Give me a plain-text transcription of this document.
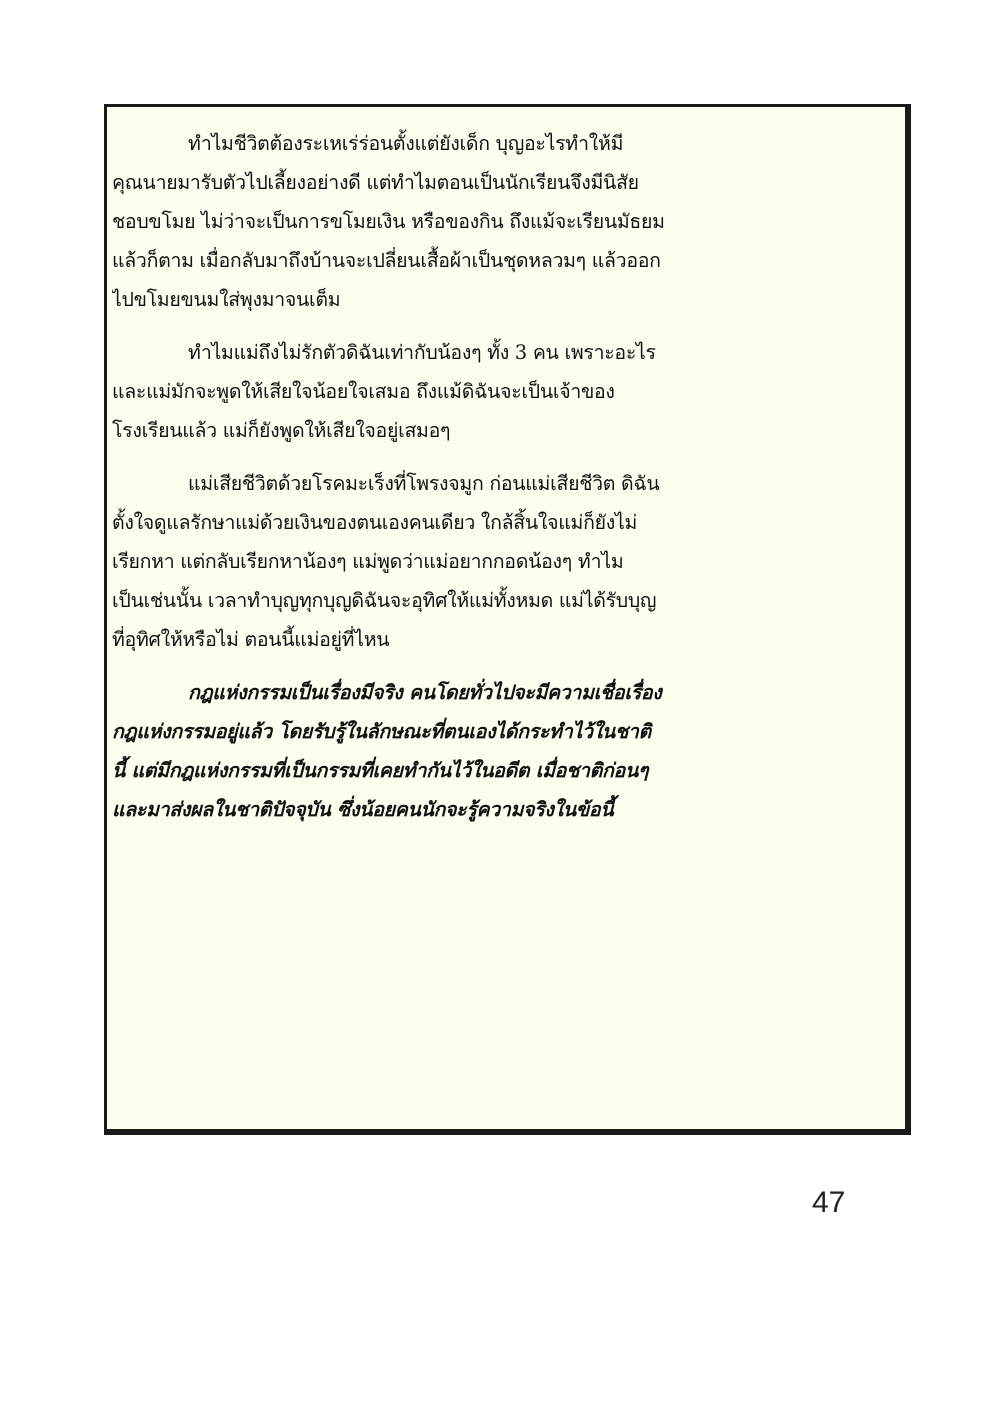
ทำไมชีวิตต้องระเหเร่ร่อนตั้งแต่ยังเด็ก บุญอะไรทำให้มี
คุณนายมารับตัวไปเลี้ยงอย่างดี แต่ทำไมตอนเป็นนักเรียนจึงมีนิสัย
ชอบขโมย ไม่ว่าจะเป็นการขโมยเงิน หรือของกิน ถึงแม้จะเรียนมัธยม
แล้วก็ตาม เมื่อกลับมาถึงบ้านจะเปลี่ยนเสื้อผ้าเป็นชุดหลวมๆ แล้วออก
ไปขโมยขนมใส่พุงมาจนเต็ม
ทำไมแม่ถึงไม่รักตัวดิฉันเท่ากับน้องๆ ทั้ง 3 คน เพราะอะไร
และแม่มักจะพูดให้เสียใจน้อยใจเสมอ ถึงแม้ดิฉันจะเป็นเจ้าของ
โรงเรียนแล้ว แม่ก็ยังพูดให้เสียใจอยู่เสมอๆ
แม่เสียชีวิตด้วยโรคมะเร็งที่โพรงจมูก ก่อนแม่เสียชีวิต ดิฉัน
ตั้งใจดูแลรักษาแม่ด้วยเงินของตนเองคนเดียว ใกล้สิ้นใจแม่ก็ยังไม่
เรียกหา แต่กลับเรียกหาน้องๆ แม่พูดว่าแม่อยากกอดน้องๆ ทำไม
เป็นเช่นนั้น เวลาทำบุญทุกบุญดิฉันจะอุทิศให้แม่ทั้งหมด แม่ได้รับบุญ
ที่อุทิศให้หรือไม่ ตอนนี้แม่อยู่ที่ไหน
กฎแห่งกรรมเป็นเรื่องมีจริง คนโดยทั่วไปจะมีความเชื่อเรื่อง
กฎแห่งกรรมอยู่แล้ว โดยรับรู้ในลักษณะที่ตนเองได้กระทำไว้ในชาติ
นี้ แต่มีกฎแห่งกรรมที่เป็นกรรมที่เคยทำกันไว้ในอดีต เมื่อชาติก่อนๆ
และมาส่งผลในชาติปัจจุบัน ซึ่งน้อยคนนักจะรู้ความจริงในข้อนี้
47
